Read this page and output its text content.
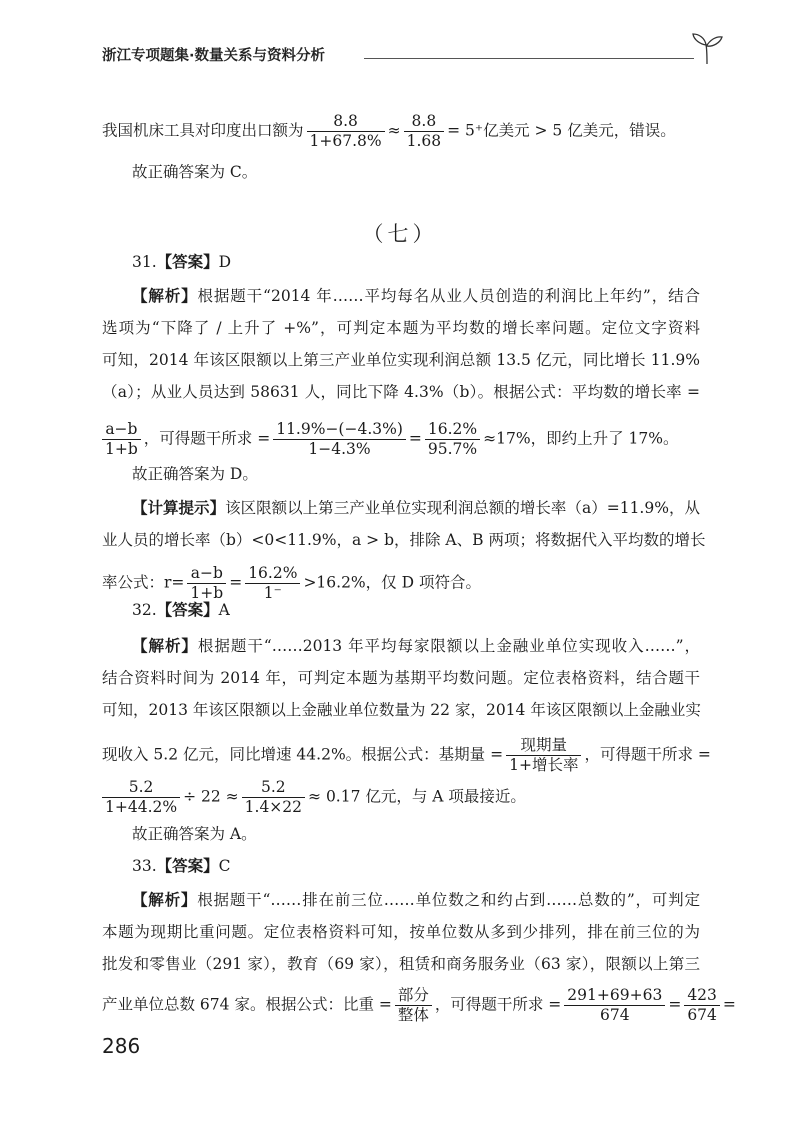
浙江专项题集·数量关系与资料分析
我国机床工具对印度出口额为 $\frac{8.8}{1+67.8\%} \approx \frac{8.8}{1.68} = 5^+$亿美元 > 5 亿美元，错误。
故正确答案为 C。
（七）
31.【答案】D
【解析】根据题干“2014 年……平均每名从业人员创造的利润比上年约”，结合
选项为“下降了 / 上升了 +%”，可判定本题为平均数的增长率问题。定位文字资料
可知，2014 年该区限额以上第三产业单位实现利润总额 13.5 亿元，同比增长 11.9%
（a）；从业人员达到 58631 人，同比下降 4.3%（b）。根据公式：平均数的增长率 =
$\frac{a-b}{1+b}$ ，可得题干所求 = $\frac{11.9\%-(-4.3\%)}{1-4.3\%} = \frac{16.2\%}{95.7\%} \approx 17\%$，即约上升了 17%。
故正确答案为 D。
【计算提示】该区限额以上第三产业单位实现利润总额的增长率（a）=11.9%，从
业人员的增长率（b）<0<11.9%，a > b，排除 A、B 两项；将数据代入平均数的增长
率公式：$r= \frac{a-b}{1+b} = \frac{16.2\%}{1^-} >16.2\%$，仅 D 项符合。
32.【答案】A
【解析】根据题干“……2013 年平均每家限额以上金融业单位实现收入……”，
结合资料时间为 2014 年，可判定本题为基期平均数问题。定位表格资料，结合题干
可知，2013 年该区限额以上金融业单位数量为 22 家，2014 年该区限额以上金融业实
现收入 5.2 亿元，同比增速 44.2%。根据公式：基期量 =
现期量
1+增长率
，可得题干所求 =
$\frac{5.2}{1+44.2\%} \div 22 \approx \frac{5.2}{1.4\times 22} \approx 0.17$ 亿元，与 A 项最接近。
故正确答案为 A。
33.【答案】C
【解析】根据题干“……排在前三位……单位数之和约占到……总数的”，可判定
本题为现期比重问题。定位表格资料可知，按单位数从多到少排列，排在前三位的为
批发和零售业（291 家），教育（69 家），租赁和商务服务业（63 家），限额以上第三
产业单位总数 674 家。根据公式：比重 =
部分
整体
，可得题干所求 = $\frac{291+69+63}{674} = \frac{423}{674}$ =
286
